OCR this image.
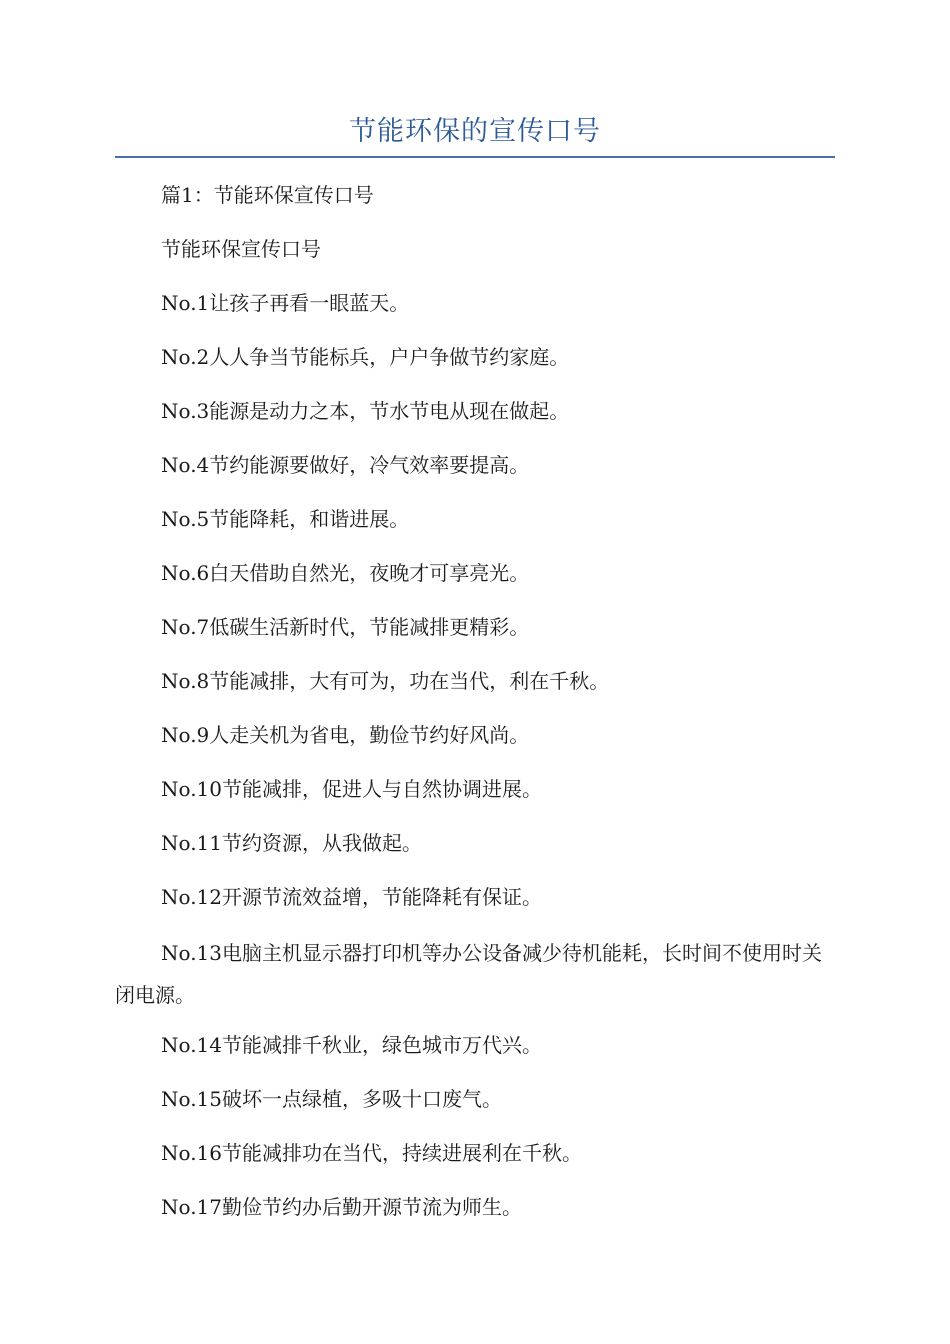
节能环保的宣传口号

篇1：节能环保宣传口号

节能环保宣传口号

No.1让孩子再看一眼蓝天。

No.2人人争当节能标兵，户户争做节约家庭。

No.3能源是动力之本，节水节电从现在做起。

No.4节约能源要做好，冷气效率要提高。

No.5节能降耗，和谐进展。

No.6白天借助自然光，夜晚才可享亮光。

No.7低碳生活新时代，节能减排更精彩。

No.8节能减排，大有可为，功在当代，利在千秋。

No.9人走关机为省电，勤俭节约好风尚。

No.10节能减排，促进人与自然协调进展。

No.11节约资源，从我做起。

No.12开源节流效益增，节能降耗有保证。

No.13电脑主机显示器打印机等办公设备减少待机能耗，长时间不使用时关闭电源。

No.14节能减排千秋业，绿色城市万代兴。

No.15破坏一点绿植，多吸十口废气。

No.16节能减排功在当代，持续进展利在千秋。

No.17勤俭节约办后勤开源节流为师生。
